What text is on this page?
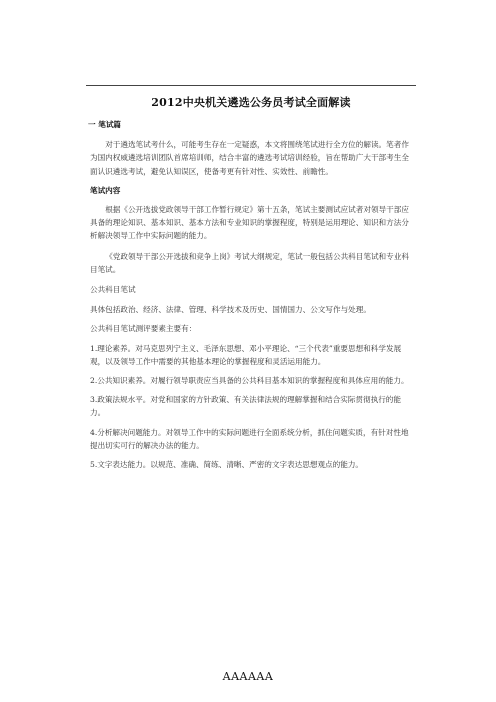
2012中央机关遴选公务员考试全面解读

一 笔试篇

对于遴选笔试考什么，可能考生存在一定疑惑，本文将围绕笔试进行全方位的解读。笔者作为国内权威遴选培训团队首席培训师，结合丰富的遴选考试培训经验，旨在帮助广大干部考生全面认识遴选考试，避免认知误区，使备考更有针对性、实效性、前瞻性。

笔试内容

根据《公开选拔党政领导干部工作暂行规定》第十五条，笔试主要测试应试者对领导干部应具备的理论知识、基本知识、基本方法和专业知识的掌握程度，特别是运用理论、知识和方法分析解决领导工作中实际问题的能力。

《党政领导干部公开选拔和竞争上岗》考试大纲规定，笔试一般包括公共科目笔试和专业科目笔试。

公共科目笔试

具体包括政治、经济、法律、管理、科学技术及历史、国情国力、公文写作与处理。

公共科目笔试测评要素主要有：

1.理论素养。对马克思列宁主义、毛泽东思想、邓小平理论、“三个代表”重要思想和科学发展观，以及领导工作中需要的其他基本理论的掌握程度和灵活运用能力。

2.公共知识素养。对履行领导职责应当具备的公共科目基本知识的掌握程度和具体应用的能力。

3.政策法规水平。对党和国家的方针政策、有关法律法规的理解掌握和结合实际贯彻执行的能力。

4.分析解决问题能力。对领导工作中的实际问题进行全面系统分析，抓住问题实质，有针对性地提出切实可行的解决办法的能力。

5.文字表达能力。以规范、准确、简练、清晰、严密的文字表达思想观点的能力。

AAAAAA
